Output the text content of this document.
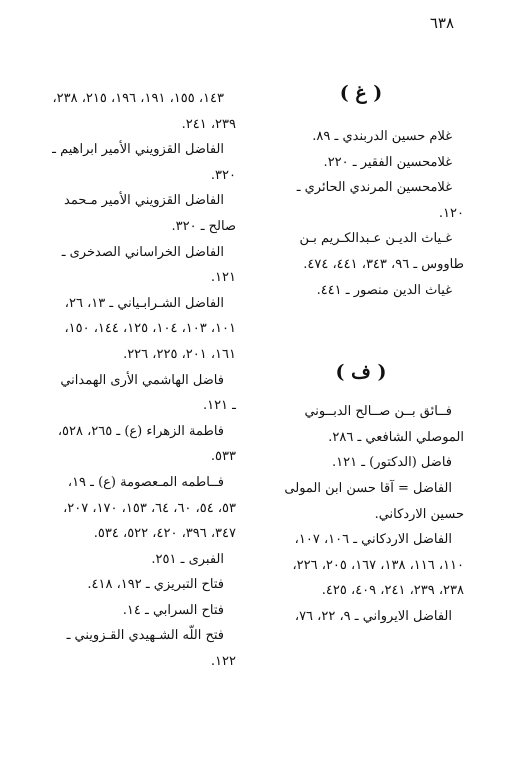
٦٣٨
( غ )
غلام حسين الدربندي ـ ٨٩.
غلامحسين الفقير ـ ٢٢٠.
غلامحسين المرندي الحائري ـ
١٢٠.
غـياث الديـن عـبدالكـريم بـن
طاووس ـ ٩٦، ٣٤٣، ٤٤١، ٤٧٤.
غياث الدين منصور ـ ٤٤١.
( ف )
فــائق بــن صــالح الدبــوني
الموصلي الشافعي ـ ٢٨٦.
فاضل (الدكتور) ـ ١٢١.
الفاضل = آقا حسن ابن المولى
حسين الاردكاني.
الفاضل الاردكاني ـ ١٠٦، ١٠٧،
١١٠، ١١٦، ١٣٨، ١٦٧، ٢٠٥، ٢٢٦،
٢٣٨، ٢٣٩، ٢٤١، ٤٠٩، ٤٢٥.
الفاضل الايرواني ـ ٩، ٢٢، ٧٦،
١٤٣، ١٥٥، ١٩١، ١٩٦، ٢١٥، ٢٣٨،
٢٣٩، ٢٤١.
الفاضل القزويني الأمير ابراهيم ـ
٣٢٠.
الفاضل القزويني الأمير مـحمد
صالح ـ ٣٢٠.
الفاضل الخراساني الصدخرى ـ
١٢١.
الفاضل الشـرابـياني ـ ١٣، ٢٦،
١٠١، ١٠٣، ١٠٤، ١٢٥، ١٤٤، ١٥٠،
١٦١، ٢٠١، ٢٢٥، ٢٢٦.
فاضل الهاشمي الأرى الهمداني
ـ ١٢١.
فاطمة الزهراء (ع) ـ ٢٦٥، ٥٢٨،
٥٣٣.
فــاطمه المـعصومة (ع) ـ ١٩،
٥٣، ٥٤، ٦٠، ٦٤، ١٥٣، ١٧٠، ٢٠٧،
٣٤٧، ٣٩٦، ٤٢٠، ٥٢٢، ٥٣٤.
الفبرى ـ ٢٥١.
فتاح التبريزي ـ ١٩٢، ٤١٨.
فتاح السرابي ـ ١٤.
فتح اللّه الشـهيدي القـزويني ـ
١٢٢.
